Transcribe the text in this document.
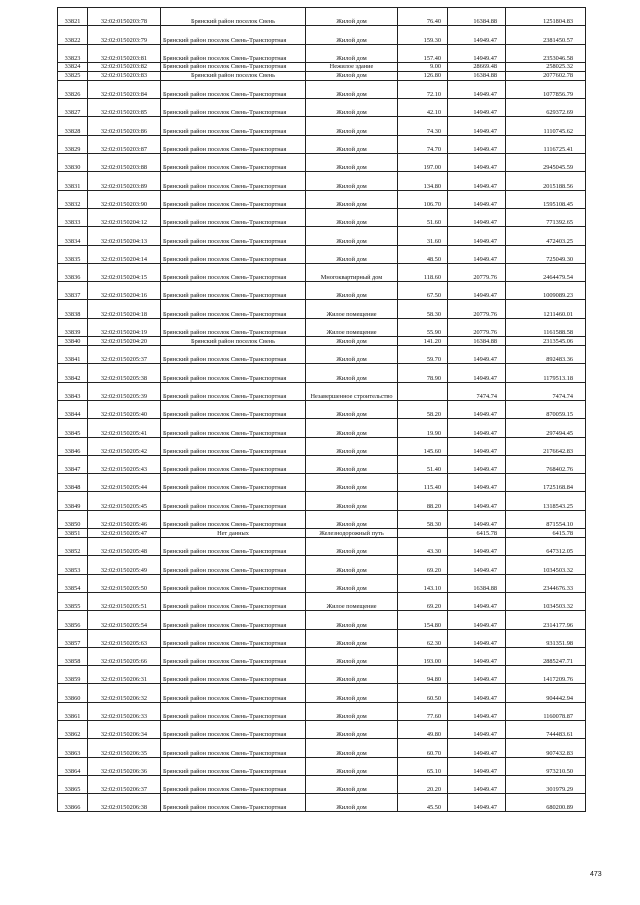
33821	32:02:0150203:78	Брянский район поселок Свень	Жилой дом	76.40	16384.88	1251804.83
33822	32:02:0150203:79	Брянский район поселок Свень-Транспортная	Жилой дом	159.30	14949.47	2381450.57
33823	32:02:0150203:81	Брянский район поселок Свень-Транспортная	Жилой дом	157.40	14949.47	2353046.58
33824	32:02:0150203:82	Брянский район поселок Свень-Транспортная	Нежилое здание	9.00	28669.48	258025.32
33825	32:02:0150203:83	Брянский район поселок Свень	Жилой дом	126.80	16384.88	2077602.78
33826	32:02:0150203:84	Брянский район поселок Свень-Транспортная	Жилой дом	72.10	14949.47	1077856.79
33827	32:02:0150203:85	Брянский район поселок Свень-Транспортная	Жилой дом	42.10	14949.47	629372.69
33828	32:02:0150203:86	Брянский район поселок Свень-Транспортная	Жилой дом	74.30	14949.47	1110745.62
33829	32:02:0150203:87	Брянский район поселок Свень-Транспортная	Жилой дом	74.70	14949.47	1116725.41
33830	32:02:0150203:88	Брянский район поселок Свень-Транспортная	Жилой дом	197.00	14949.47	2945045.59
33831	32:02:0150203:89	Брянский район поселок Свень-Транспортная	Жилой дом	134.80	14949.47	2015188.56
33832	32:02:0150203:90	Брянский район поселок Свень-Транспортная	Жилой дом	106.70	14949.47	1595108.45
33833	32:02:0150204:12	Брянский район поселок Свень-Транспортная	Жилой дом	51.60	14949.47	771392.65
33834	32:02:0150204:13	Брянский район поселок Свень-Транспортная	Жилой дом	31.60	14949.47	472403.25
33835	32:02:0150204:14	Брянский район поселок Свень-Транспортная	Жилой дом	48.50	14949.47	725049.30
33836	32:02:0150204:15	Брянский район поселок Свень-Транспортная	Многоквартирный дом	118.60	20779.76	2464479.54
33837	32:02:0150204:16	Брянский район поселок Свень-Транспортная	Жилой дом	67.50	14949.47	1009089.23
33838	32:02:0150204:18	Брянский район поселок Свень-Транспортная	Жилое помещение	58.30	20779.76	1211460.01
33839	32:02:0150204:19	Брянский район поселок Свень-Транспортная	Жилое помещение	55.90	20779.76	1161588.58
33840	32:02:0150204:20	Брянский район поселок Свень	Жилой дом	141.20	16384.88	2313545.06
33841	32:02:0150205:37	Брянский район поселок Свень-Транспортная	Жилой дом	59.70	14949.47	892483.36
33842	32:02:0150205:38	Брянский район поселок Свень-Транспортная	Жилой дом	78.90	14949.47	1179513.18
33843	32:02:0150205:39	Брянский район поселок Свень-Транспортная	Незавершенное строительство		7474.74	7474.74
33844	32:02:0150205:40	Брянский район поселок Свень-Транспортная	Жилой дом	58.20	14949.47	870059.15
33845	32:02:0150205:41	Брянский район поселок Свень-Транспортная	Жилой дом	19.90	14949.47	297494.45
33846	32:02:0150205:42	Брянский район поселок Свень-Транспортная	Жилой дом	145.60	14949.47	2176642.83
33847	32:02:0150205:43	Брянский район поселок Свень-Транспортная	Жилой дом	51.40	14949.47	768402.76
33848	32:02:0150205:44	Брянский район поселок Свень-Транспортная	Жилой дом	115.40	14949.47	1725168.84
33849	32:02:0150205:45	Брянский район поселок Свень-Транспортная	Жилой дом	88.20	14949.47	1318543.25
33850	32:02:0150205:46	Брянский район поселок Свень-Транспортная	Жилой дом	58.30	14949.47	871554.10
33851	32:02:0150205:47	Нет данных	Железнодорожный путь		6415.78	6415.78
33852	32:02:0150205:48	Брянский район поселок Свень-Транспортная	Жилой дом	43.30	14949.47	647312.05
33853	32:02:0150205:49	Брянский район поселок Свень-Транспортная	Жилой дом	69.20	14949.47	1034503.32
33854	32:02:0150205:50	Брянский район поселок Свень-Транспортная	Жилой дом	143.10	16384.88	2344676.33
33855	32:02:0150205:51	Брянский район поселок Свень-Транспортная	Жилое помещение	69.20	14949.47	1034503.32
33856	32:02:0150205:54	Брянский район поселок Свень-Транспортная	Жилой дом	154.80	14949.47	2314177.96
33857	32:02:0150205:63	Брянский район поселок Свень-Транспортная	Жилой дом	62.30	14949.47	931351.98
33858	32:02:0150205:66	Брянский район поселок Свень-Транспортная	Жилой дом	193.00	14949.47	2885247.71
33859	32:02:0150206:31	Брянский район поселок Свень-Транспортная	Жилой дом	94.80	14949.47	1417209.76
33860	32:02:0150206:32	Брянский район поселок Свень-Транспортная	Жилой дом	60.50	14949.47	904442.94
33861	32:02:0150206:33	Брянский район поселок Свень-Транспортная	Жилой дом	77.60	14949.47	1160078.87
33862	32:02:0150206:34	Брянский район поселок Свень-Транспортная	Жилой дом	49.80	14949.47	744483.61
33863	32:02:0150206:35	Брянский район поселок Свень-Транспортная	Жилой дом	60.70	14949.47	907432.83
33864	32:02:0150206:36	Брянский район поселок Свень-Транспортная	Жилой дом	65.10	14949.47	973210.50
33865	32:02:0150206:37	Брянский район поселок Свень-Транспортная	Жилой дом	20.20	14949.47	301979.29
33866	32:02:0150206:38	Брянский район поселок Свень-Транспортная	Жилой дом	45.50	14949.47	680200.89
473
